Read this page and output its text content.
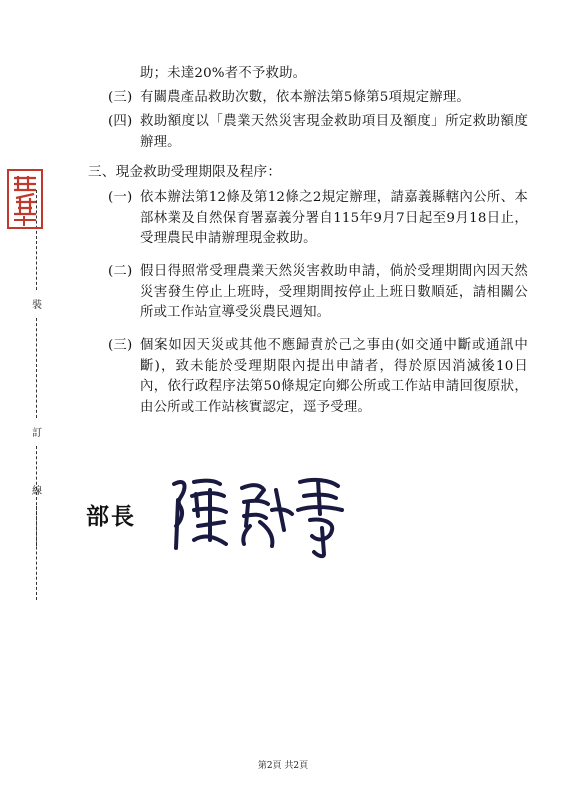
裝
訂
線
助；未達20%者不予救助。
(三) 有關農產品救助次數，依本辦法第5條第5項規定辦理。
(四) 救助額度以「農業天然災害現金救助項目及額度」所定救助額度辦理。
三、現金救助受理期限及程序：
(一) 依本辦法第12條及第12條之2規定辦理，請嘉義縣轄內公所、本部林業及自然保育署嘉義分署自115年9月7日起至9月18日止，受理農民申請辦理現金救助。
(二) 假日得照常受理農業天然災害救助申請，倘於受理期間內因天然災害發生停止上班時，受理期間按停止上班日數順延，請相關公所或工作站宣導受災農民週知。
(三) 個案如因天災或其他不應歸責於己之事由(如交通中斷或通訊中斷)，致未能於受理期限內提出申請者，得於原因消滅後10日內，依行政程序法第50條規定向鄉公所或工作站申請回復原狀，由公所或工作站核實認定，逕予受理。
部長
第2頁 共2頁
